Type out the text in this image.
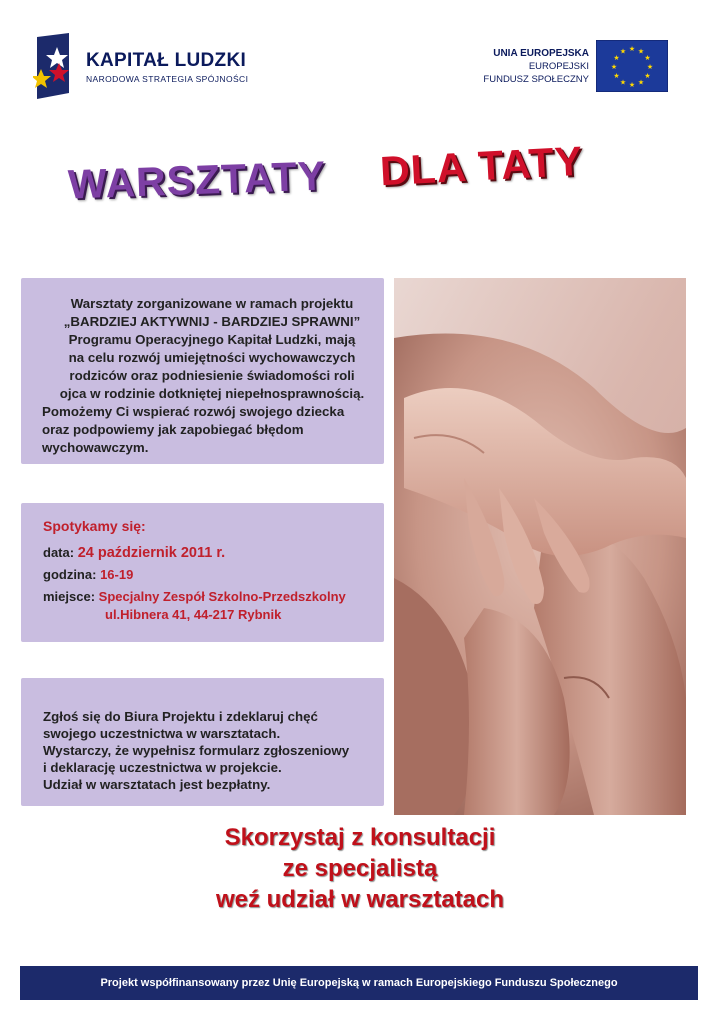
KAPITAŁ LUDZKI
NARODOWA STRATEGIA SPÓJNOŚCI
UNIA EUROPEJSKA
EUROPEJSKI
FUNDUSZ SPOŁECZNY
★ ★
★
★
★
★
★
★
★
★
★
★
WARSZTATY DLA TATY
Warsztaty zorganizowane w ramach projektu
„BARDZIEJ AKTYWNIJ - BARDZIEJ SPRAWNI”
Programu Operacyjnego Kapitał Ludzki, mają
na celu rozwój umiejętności wychowawczych
rodziców oraz podniesienie świadomości roli
ojca w rodzinie dotkniętej niepełnosprawnością.
Pomożemy Ci wspierać rozwój swojego dziecka
oraz podpowiemy jak zapobiegać błędom
wychowawczym.
Spotykamy się:
data: 24 październik 2011 r.
godzina: 16-19
miejsce: Specjalny Zespół Szkolno-Przedszkolny
ul.Hibnera 41, 44-217 Rybnik
Zgłoś się do Biura Projektu i zdeklaruj chęć
swojego uczestnictwa w warsztatach.
Wystarczy, że wypełnisz formularz zgłoszeniowy
i deklarację uczestnictwa w projekcie.
Udział w warsztatach jest bezpłatny.
Skorzystaj z konsultacji
ze specjalistą
weź udział w warsztatach
Projekt współfinansowany przez Unię Europejską w ramach Europejskiego Funduszu Społecznego
